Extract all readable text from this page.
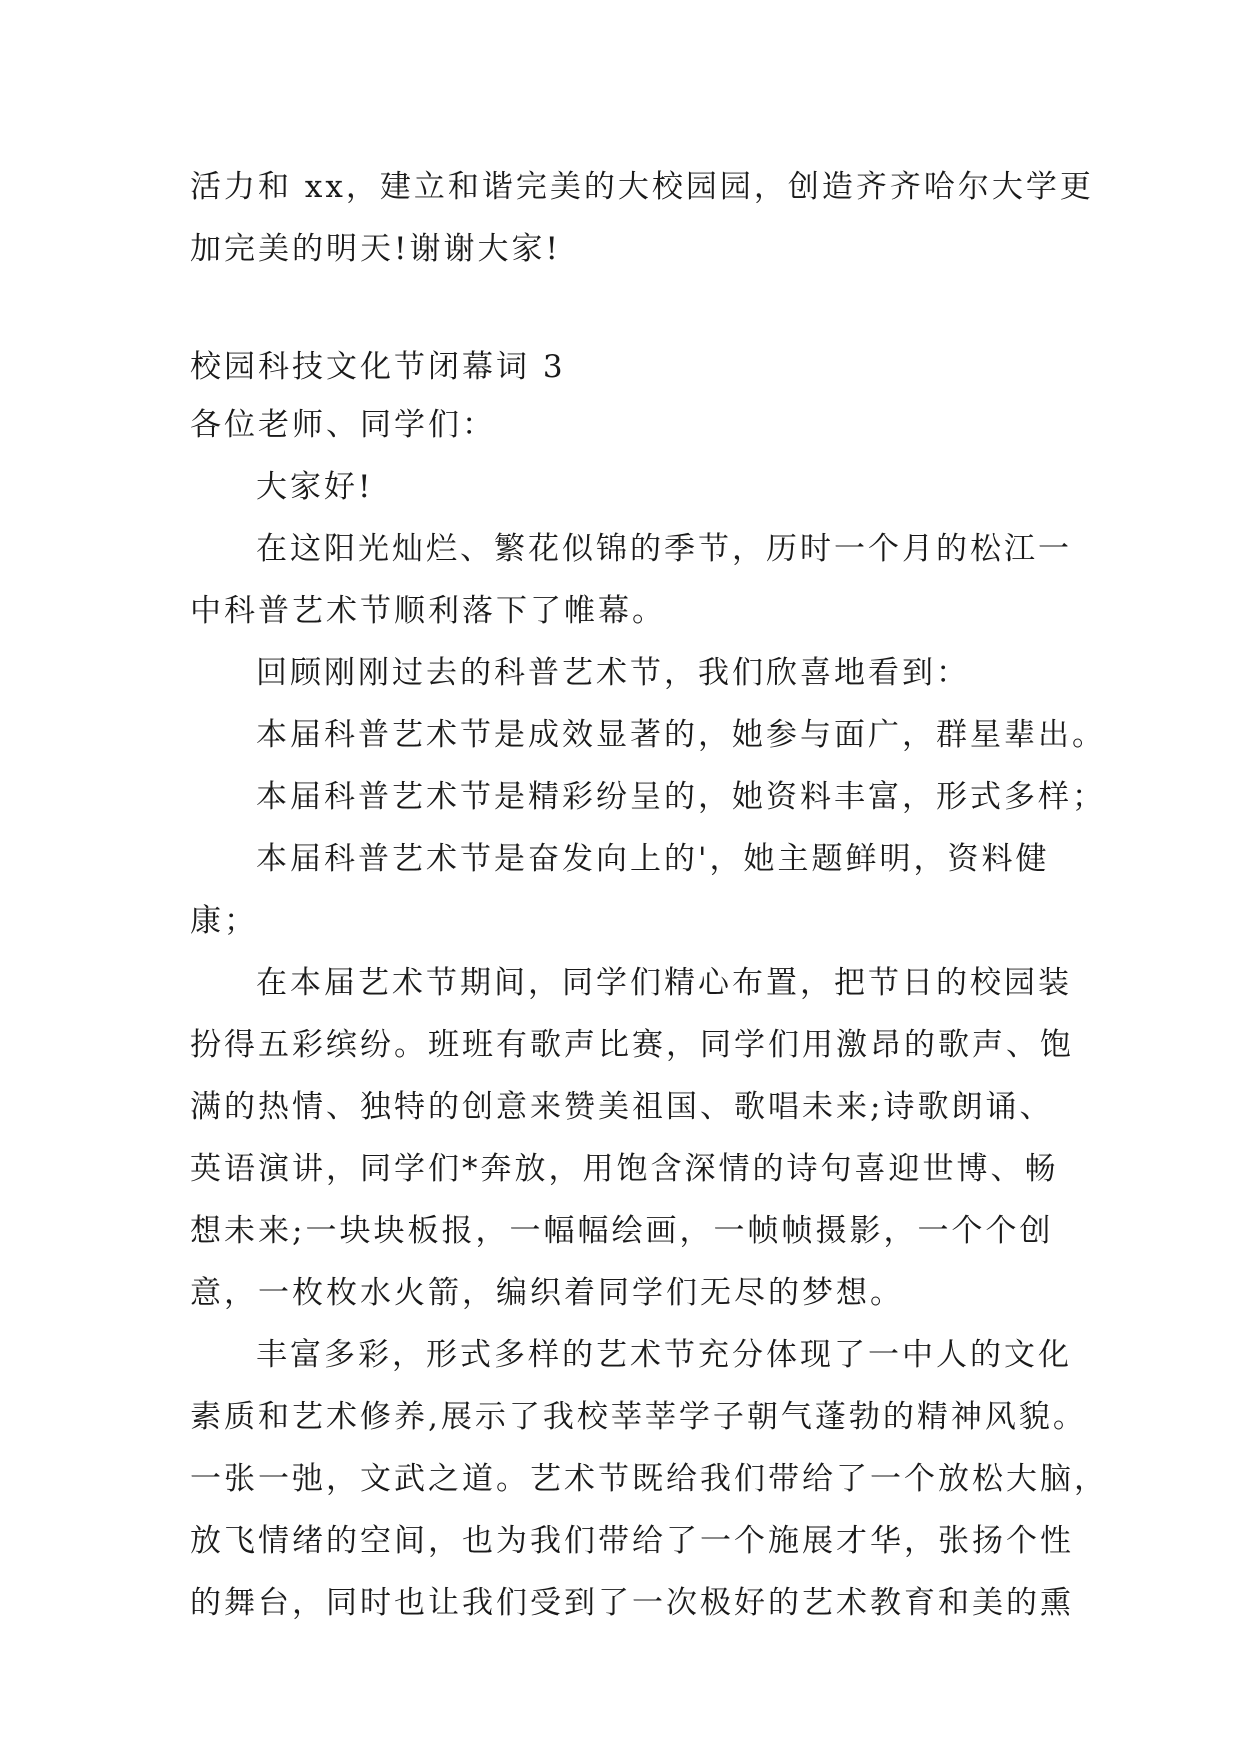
活力和 xx，建立和谐完美的大校园园，创造齐齐哈尔大学更
加完美的明天!谢谢大家!
校园科技文化节闭幕词 3
各位老师、同学们：
大家好!
在这阳光灿烂、繁花似锦的季节，历时一个月的松江一
中科普艺术节顺利落下了帷幕。
回顾刚刚过去的科普艺术节，我们欣喜地看到：
本届科普艺术节是成效显著的，她参与面广，群星辈出。
本届科普艺术节是精彩纷呈的，她资料丰富，形式多样；
本届科普艺术节是奋发向上的'，她主题鲜明，资料健
康；
在本届艺术节期间，同学们精心布置，把节日的校园装
扮得五彩缤纷。班班有歌声比赛，同学们用激昂的歌声、饱
满的热情、独特的创意来赞美祖国、歌唱未来;诗歌朗诵、
英语演讲，同学们*奔放，用饱含深情的诗句喜迎世博、畅
想未来;一块块板报，一幅幅绘画，一帧帧摄影，一个个创
意，一枚枚水火箭，编织着同学们无尽的梦想。
丰富多彩，形式多样的艺术节充分体现了一中人的文化
素质和艺术修养,展示了我校莘莘学子朝气蓬勃的精神风貌。
一张一弛，文武之道。艺术节既给我们带给了一个放松大脑，
放飞情绪的空间，也为我们带给了一个施展才华，张扬个性
的舞台，同时也让我们受到了一次极好的艺术教育和美的熏
